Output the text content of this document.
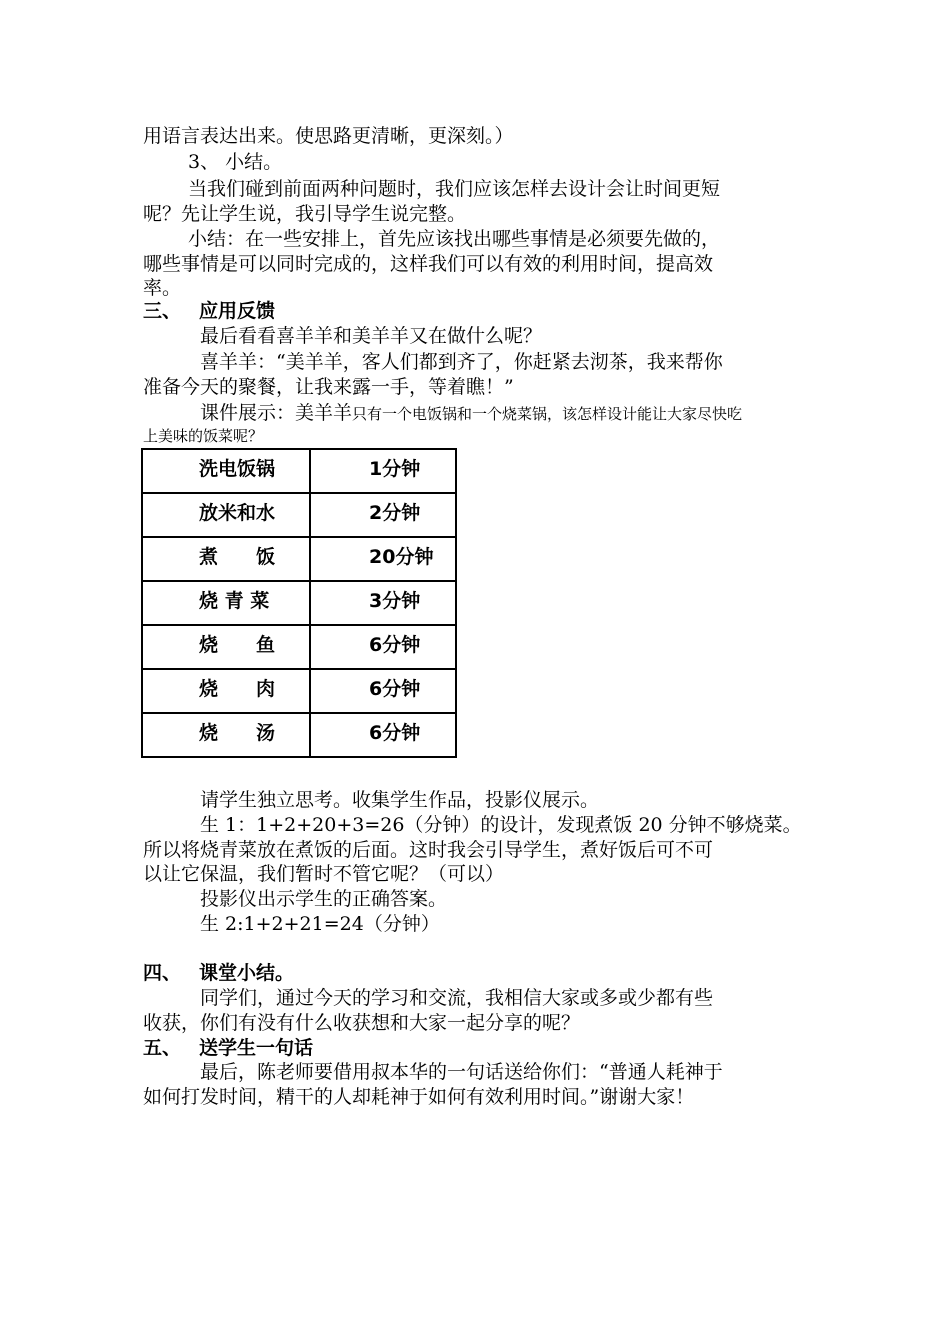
用语言表达出来。使思路更清晰，更深刻。）
3、 小结。
当我们碰到前面两种问题时，我们应该怎样去设计会让时间更短
呢？先让学生说，我引导学生说完整。
小结：在一些安排上，首先应该找出哪些事情是必须要先做的，
哪些事情是可以同时完成的，这样我们可以有效的利用时间，提高效
率。
三、 应用反馈
最后看看喜羊羊和美羊羊又在做什么呢？
喜羊羊：“美羊羊，客人们都到齐了，你赶紧去沏茶，我来帮你
准备今天的聚餐，让我来露一手，等着瞧！”
课件展示：美羊羊只有一个电饭锅和一个烧菜锅，该怎样设计能让大家尽快吃
上美味的饭菜呢？
洗电饭锅	1分钟
放米和水	2分钟
煮　　饭	20分钟
烧 青 菜	3分钟
烧　　鱼	6分钟
烧　　肉	6分钟
烧　　汤	6分钟
请学生独立思考。收集学生作品，投影仪展示。
生 1：1+2+20+3=26（分钟）的设计，发现煮饭 20 分钟不够烧菜。
所以将烧青菜放在煮饭的后面。这时我会引导学生，煮好饭后可不可
以让它保温，我们暂时不管它呢？（可以）
投影仪出示学生的正确答案。
生 2:1+2+21=24（分钟）
四、 课堂小结。
同学们，通过今天的学习和交流，我相信大家或多或少都有些
收获，你们有没有什么收获想和大家一起分享的呢？
五、 送学生一句话
最后，陈老师要借用叔本华的一句话送给你们：“普通人耗神于
如何打发时间，精干的人却耗神于如何有效利用时间。”谢谢大家！
